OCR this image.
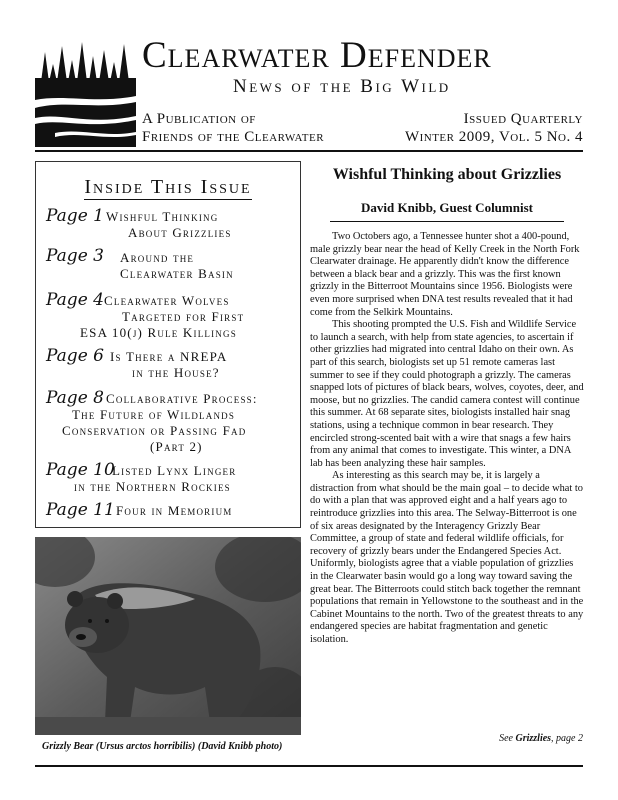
Clearwater Defender
News of the Big Wild
A Publication of
Friends of the Clearwater
Issued Quarterly
Winter 2009, Vol. 5 No. 4
Inside This Issue
Page 1 Wishful Thinking
About Grizzlies
Page 3 Around the
Clearwater Basin
Page 4 Clearwater Wolves
Targeted for First
ESA 10(j) Rule Killings
Page 6 Is There a NREPA
in the House?
Page 8 Collaborative Process:
The Future of Wildlands
Conservation or Passing Fad
(Part 2)
Page 10
Listed Lynx Linger
in the Northern Rockies
Page 11 Four in Memorium
Grizzly Bear (Ursus arctos horribilis) (David Knibb photo)
Wishful Thinking about Grizzlies
David Knibb, Guest Columnist

Two Octobers ago, a Tennessee hunter shot a 400-pound, male grizzly bear near the head of Kelly Creek in the North Fork Clearwater drainage. He apparently didn't know the difference between a black bear and a grizzly. This was the first known grizzly in the Bitterroot Mountains since 1956. Biologists were even more surprised when DNA test results revealed that it had come from the Selkirk Mountains.

This shooting prompted the U.S. Fish and Wildlife Service to launch a search, with help from state agencies, to ascertain if other grizzlies had migrated into central Idaho on their own. As part of this search, biologists set up 51 remote cameras last summer to see if they could photograph a grizzly. The cameras snapped lots of pictures of black bears, wolves, coyotes, deer, and moose, but no grizzlies. The candid camera contest will continue this summer. At 68 separate sites, biologists installed hair snag stations, using a technique common in bear research. They encircled strong-scented bait with a wire that snags a few hairs from any animal that comes to investigate. This winter, a DNA lab has been analyzing these hair samples.

As interesting as this search may be, it is largely a distraction from what should be the main goal – to decide what to do with a plan that was approved eight and a half years ago to reintroduce grizzlies into this area. The Selway-Bitterroot is one of six areas designated by the Interagency Grizzly Bear Committee, a group of state and federal wildlife officials, for recovery of grizzly bears under the Endangered Species Act. Uniformly, biologists agree that a viable population of grizzlies in the Clearwater basin would go a long way toward saving the great bear. The Bitterroots could stitch back together the remnant populations that remain in Yellowstone to the southeast and in the Cabinet Mountains to the north. Two of the greatest threats to any endangered species are habitat fragmentation and genetic isolation.

See Grizzlies, page 2
